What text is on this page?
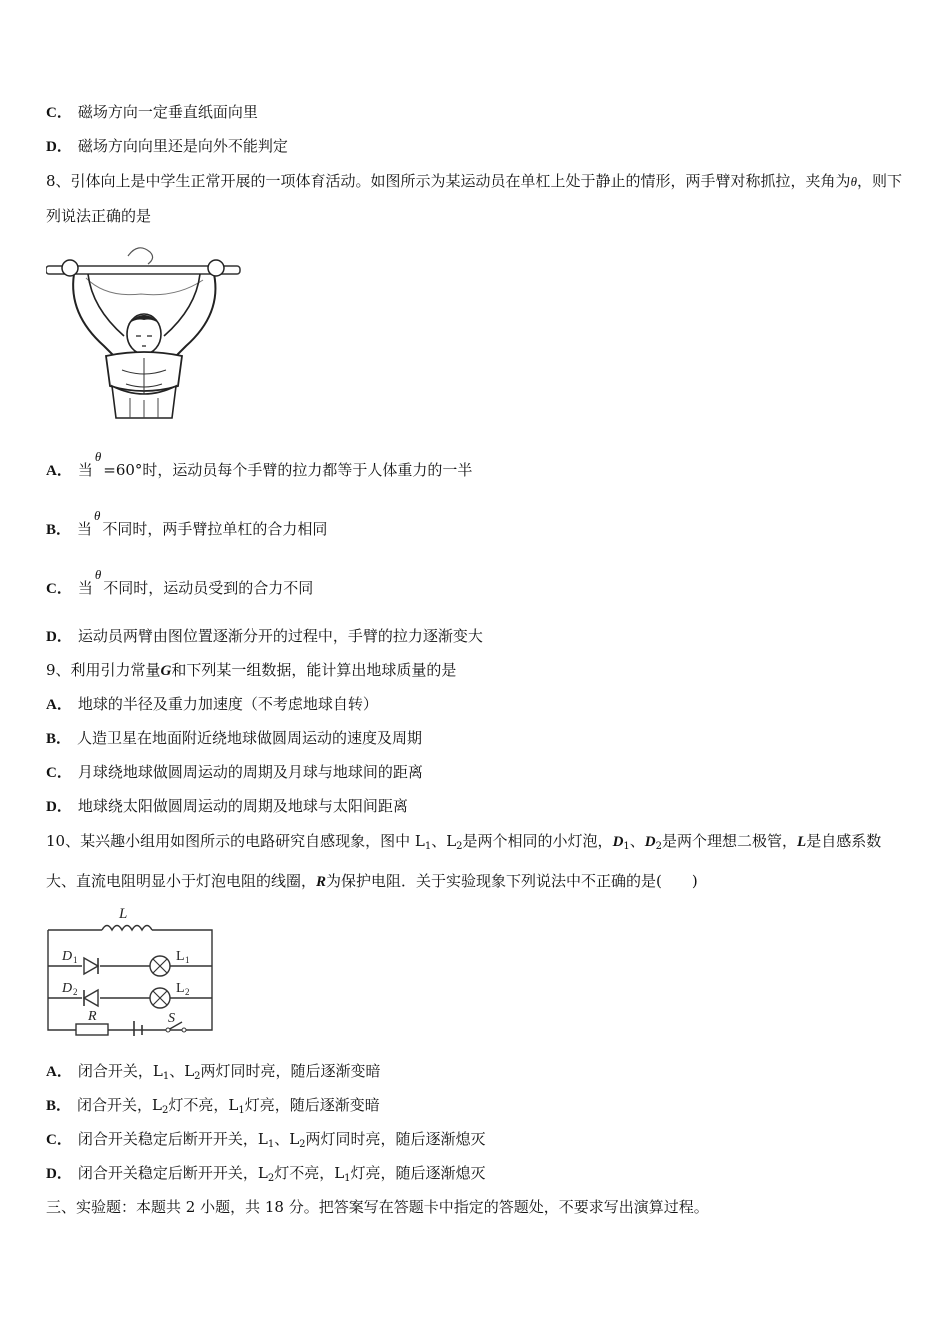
C． 磁场方向一定垂直纸面向里
D． 磁场方向向里还是向外不能判定
8、引体向上是中学生正常开展的一项体育活动。如图所示为某运动员在单杠上处于静止的情形，两手臂对称抓拉，夹角为θ，则下列说法正确的是
A． 当θ=60°时，运动员每个手臂的拉力都等于人体重力的一半
B． 当θ不同时，两手臂拉单杠的合力相同
C． 当θ不同时，运动员受到的合力不同
D． 运动员两臂由图位置逐渐分开的过程中，手臂的拉力逐渐变大
9、利用引力常量G和下列某一组数据，能计算出地球质量的是
A． 地球的半径及重力加速度（不考虑地球自转）
B． 人造卫星在地面附近绕地球做圆周运动的速度及周期
C． 月球绕地球做圆周运动的周期及月球与地球间的距离
D． 地球绕太阳做圆周运动的周期及地球与太阳间距离
10、某兴趣小组用如图所示的电路研究自感现象，图中 $L_1$、$L_2$是两个相同的小灯泡，$D_1$、$D_2$是两个理想二极管，L是自感系数大、直流电阻明显小于灯泡电阻的线圈，R为保护电阻．关于实验现象下列说法中不正确的是(　　)
L
D 1
D 2
L 1
L 2
R	S
A． 闭合开关，$L_1$、$L_2$两灯同时亮，随后逐渐变暗
B． 闭合开关，$L_2$灯不亮，$L_1$灯亮，随后逐渐变暗
C． 闭合开关稳定后断开开关，$L_1$、$L_2$两灯同时亮，随后逐渐熄灭
D． 闭合开关稳定后断开开关，$L_2$灯不亮，$L_1$灯亮，随后逐渐熄灭
三、实验题：本题共 2 小题，共 18 分。把答案写在答题卡中指定的答题处，不要求写出演算过程。
